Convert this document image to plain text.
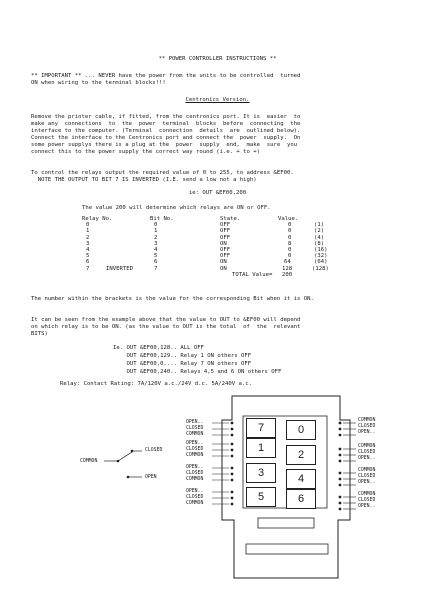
** POWER CONTROLLER INSTRUCTIONS **
** IMPORTANT ** ... NEVER have the power from the units to be controlled  turned
ON when wiring to the terminal blocks!!!
Centronics Version.
Remove the printer cable, if fitted, from the centronics port. It is  easier  to
make any  connections  to  the  power  terminal  blocks  before  connecting  the
interface to the computer. (Terminal  connection  details  are  outlined below).
Connect the interface to the Centronics port and connect the  power  supply.  On
some power supplys there is a plug at the  power  supply  end,  make  sure  you
connect this to the power supply the correct way round (i.e. + to +)
To control the relays output the required value of 0 to 255, to address &EF00.
NOTE THE OUTPUT TO BIT 7 IS INVERTED (I.E. send a low not a high)
ie: OUT &EF00,200
The value 200 will determine which relays are ON or OFF.
Relay No.	Bit No.	State.	Value.
0	0	OFF	0	(1)
1	1	OFF	0	(2)
2	2	OFF	0	(4)
3	3	ON	8	(8)
4	4	OFF	0	(16)
5	5	OFF	0	(32)
6	6	ON	64	(64)
7	INVERTED	7	ON	128	(128)
TOTAL Value= 200
The number within the brackets is the value for the corresponding Bit when it is ON.
It can be seen from the example above that the value to OUT to &EF00 will depend
on which relay is to be ON. (as the value to OUT is the total  of  the  relevant
BITS)
Ie. OUT &EF00,128.. ALL OFF
OUT &EF00,129.. Relay 1 ON others OFF
OUT &EF00,0.... Relay 7 ON others OFF
OUT &EF00,240.. Relays 4,5 and 6 ON others OFF
Relay: Contact Rating: 7A/120V a.c./24V d.c. 5A/240V a.c.
7	0
1
2
3	4
5	6
OPEN..
CLOSED
COMMON
OPEN..
CLOSED
COMMON
OPEN..
CLOSED
COMMON
OPEN..
CLOSED
COMMON
COMMON
CLOSED
OPEN..
COMMON
CLOSED
OPEN..
COMMON
CLOSED
OPEN..
COMMON
CLOSED
OPEN..
COMMON
CLOSED
OPEN
